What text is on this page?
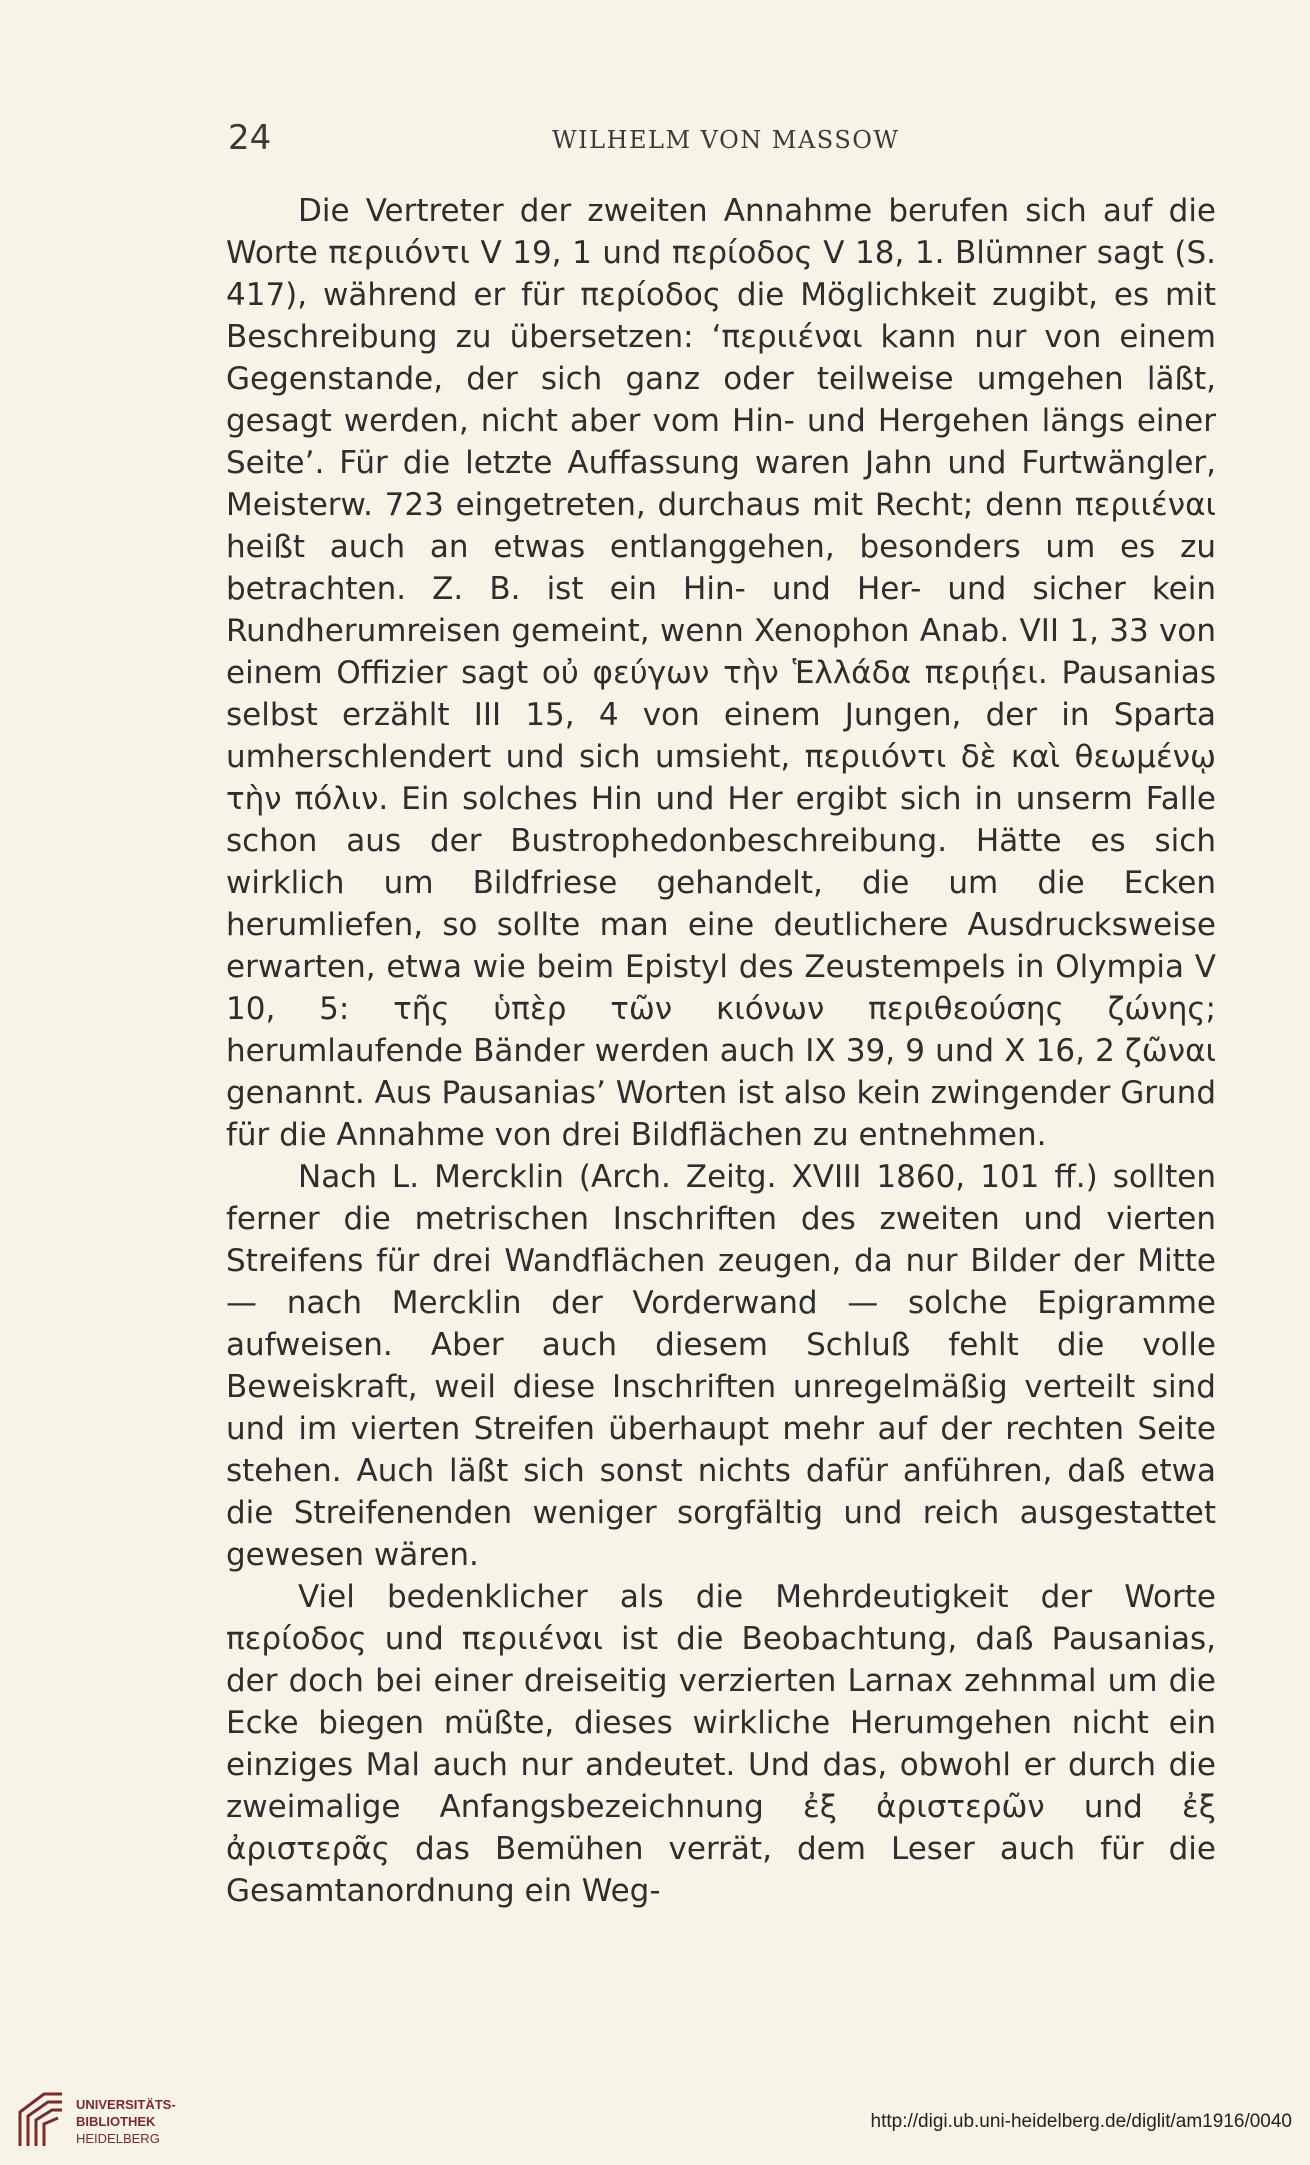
24	WILHELM VON MASSOW

Die Vertreter der zweiten Annahme berufen sich auf die Worte περιιόντι V 19, 1 und περίοδος V 18, 1. Blümner sagt (S. 417), während er für περίοδος die Möglichkeit zugibt, es mit Beschreibung zu übersetzen: ‘περιιέναι kann nur von einem Gegenstande, der sich ganz oder teilweise umgehen läßt, gesagt werden, nicht aber vom Hin- und Hergehen längs einer Seite’. Für die letzte Auffassung waren Jahn und Furtwängler, Meisterw. 723 eingetreten, durchaus mit Recht; denn περιιέναι heißt auch an etwas entlanggehen, besonders um es zu betrachten. Z. B. ist ein Hin- und Her- und sicher kein Rundherumreisen gemeint, wenn Xenophon Anab. VII 1, 33 von einem Offizier sagt οὐ φεύγων τὴν Ἑλλάδα περιῄει. Pausanias selbst erzählt III 15, 4 von einem Jungen, der in Sparta umherschlendert und sich umsieht, περιιόντι δὲ καὶ θεωμένῳ τὴν πόλιν. Ein solches Hin und Her ergibt sich in unserm Falle schon aus der Bustrophedonbeschreibung. Hätte es sich wirklich um Bildfriese gehandelt, die um die Ecken herumliefen, so sollte man eine deutlichere Ausdrucksweise erwarten, etwa wie beim Epistyl des Zeustempels in Olympia V 10, 5: τῆς ὑπὲρ τῶν κιόνων περιθεούσης ζώνης; herumlaufende Bänder werden auch IX 39, 9 und X 16, 2 ζῶναι genannt. Aus Pausanias’ Worten ist also kein zwingender Grund für die Annahme von drei Bildflächen zu entnehmen.

Nach L. Mercklin (Arch. Zeitg. XVIII 1860, 101 ff.) sollten ferner die metrischen Inschriften des zweiten und vierten Streifens für drei Wandflächen zeugen, da nur Bilder der Mitte — nach Mercklin der Vorderwand — solche Epigramme aufweisen. Aber auch diesem Schluß fehlt die volle Beweiskraft, weil diese Inschriften unregelmäßig verteilt sind und im vierten Streifen überhaupt mehr auf der rechten Seite stehen. Auch läßt sich sonst nichts dafür anführen, daß etwa die Streifenenden weniger sorgfältig und reich ausgestattet gewesen wären.

Viel bedenklicher als die Mehrdeutigkeit der Worte περίοδος und περιιέναι ist die Beobachtung, daß Pausanias, der doch bei einer dreiseitig verzierten Larnax zehnmal um die Ecke biegen müßte, dieses wirkliche Herumgehen nicht ein einziges Mal auch nur andeutet. Und das, obwohl er durch die zweimalige Anfangsbezeichnung ἐξ ἀριστερῶν und ἐξ ἀριστερᾶς das Bemühen verrät, dem Leser auch für die Gesamtanordnung ein Weg-

UNIVERSITÄTS-
BIBLIOTHEK
HEIDELBERG
http://digi.ub.uni-heidelberg.de/diglit/am1916/0040
